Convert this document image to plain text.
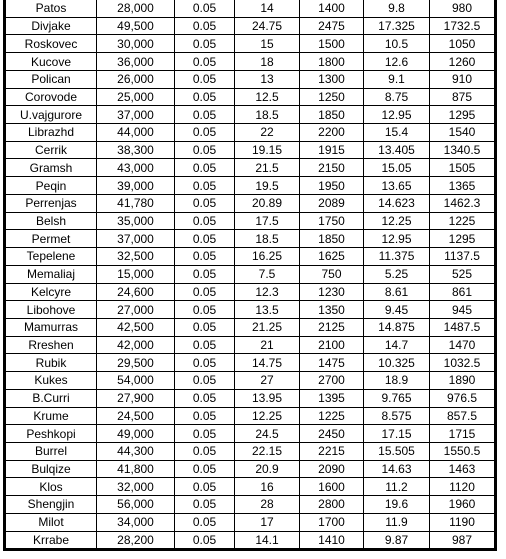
Patos	28,000	0.05	14	1400	9.8	980
Divjake	49,500	0.05	24.75	2475	17.325	1732.5
Roskovec	30,000	0.05	15	1500	10.5	1050
Kucove	36,000	0.05	18	1800	12.6	1260
Polican	26,000	0.05	13	1300	9.1	910
Corovode	25,000	0.05	12.5	1250	8.75	875
U.vajgurore	37,000	0.05	18.5	1850	12.95	1295
Librazhd	44,000	0.05	22	2200	15.4	1540
Cerrik	38,300	0.05	19.15	1915	13.405	1340.5
Gramsh	43,000	0.05	21.5	2150	15.05	1505
Peqin	39,000	0.05	19.5	1950	13.65	1365
Perrenjas	41,780	0.05	20.89	2089	14.623	1462.3
Belsh	35,000	0.05	17.5	1750	12.25	1225
Permet	37,000	0.05	18.5	1850	12.95	1295
Tepelene	32,500	0.05	16.25	1625	11.375	1137.5
Memaliaj	15,000	0.05	7.5	750	5.25	525
Kelcyre	24,600	0.05	12.3	1230	8.61	861
Libohove	27,000	0.05	13.5	1350	9.45	945
Mamurras	42,500	0.05	21.25	2125	14.875	1487.5
Rreshen	42,000	0.05	21	2100	14.7	1470
Rubik	29,500	0.05	14.75	1475	10.325	1032.5
Kukes	54,000	0.05	27	2700	18.9	1890
B.Curri	27,900	0.05	13.95	1395	9.765	976.5
Krume	24,500	0.05	12.25	1225	8.575	857.5
Peshkopi	49,000	0.05	24.5	2450	17.15	1715
Burrel	44,300	0.05	22.15	2215	15.505	1550.5
Bulqize	41,800	0.05	20.9	2090	14.63	1463
Klos	32,000	0.05	16	1600	11.2	1120
Shengjin	56,000	0.05	28	2800	19.6	1960
Milot	34,000	0.05	17	1700	11.9	1190
Krrabe	28,200	0.05	14.1	1410	9.87	987
